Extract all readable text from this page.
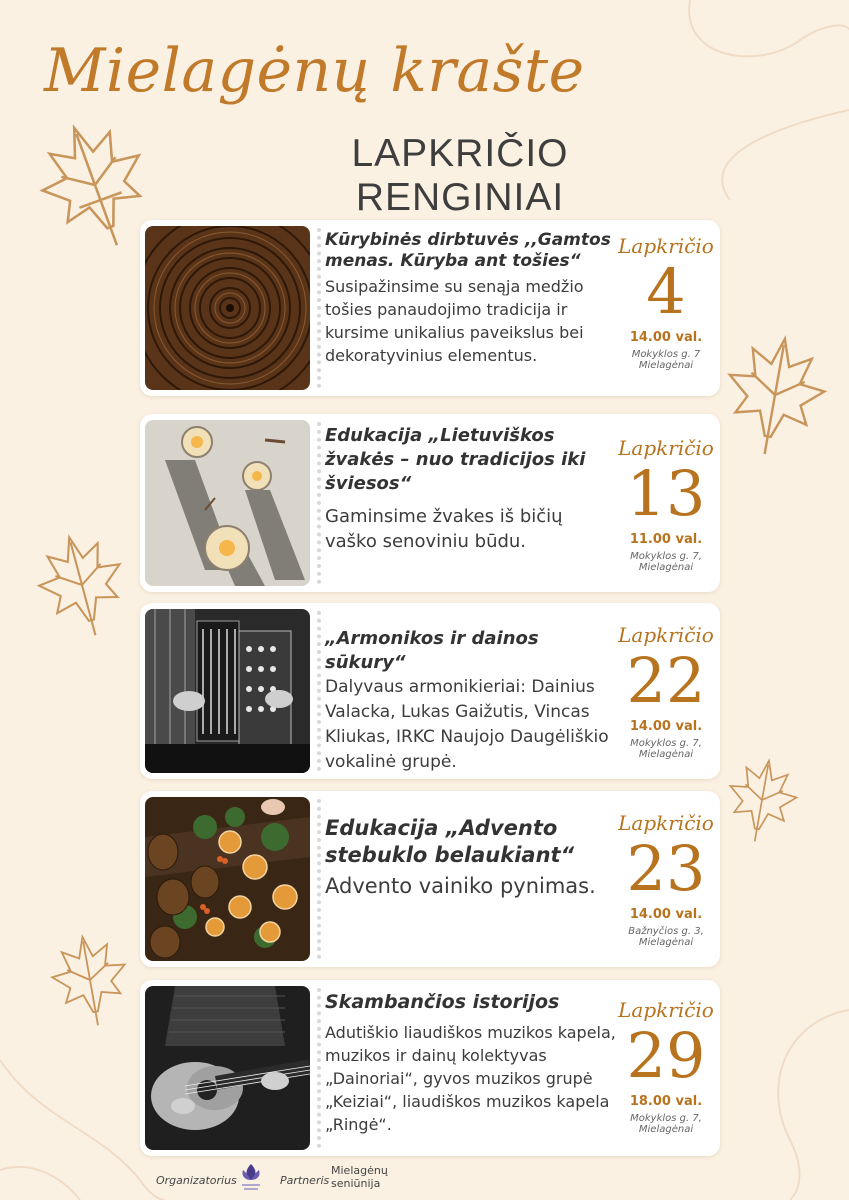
Mielagėnų krašte
LAPKRIČIO
RENGINIAI
Kūrybinės dirbtuvės ,,Gamtos menas. Kūryba ant tošies“
Susipažinsime su senąja medžio tošies panaudojimo tradicija ir kursime unikalius paveikslus bei dekoratyvinius elementus.
Lapkričio
4
14.00 val.
Mokyklos g. 7
Mielagėnai
Edukacija „Lietuviškos žvakės – nuo tradicijos iki šviesos“
Gaminsime žvakes iš bičių vaško senoviniu būdu.
Lapkričio
13
11.00 val.
Mokyklos g. 7,
Mielagėnai
„Armonikos ir dainos sūkury“
Dalyvaus armonikieriai: Dainius Valacka, Lukas Gaižutis, Vincas Kliukas, IRKC Naujojo Daugėliškio vokalinė grupė.
Lapkričio
22
14.00 val.
Mokyklos g. 7,
Mielagėnai
Edukacija „Advento stebuklo belaukiant“
Advento vainiko pynimas.
Lapkričio
23
14.00 val.
Bažnyčios g. 3,
Mielagėnai
Skambančios istorijos
Adutiškio liaudiškos muzikos kapela, muzikos ir dainų kolektyvas „Dainoriai“, gyvos muzikos grupė „Keiziai“, liaudiškos muzikos kapela „Ringė“.
Lapkričio
29
18.00 val.
Mokyklos g. 7,
Mielagėnai
Organizatorius	Partneris
Mielagėnų
seniūnija
